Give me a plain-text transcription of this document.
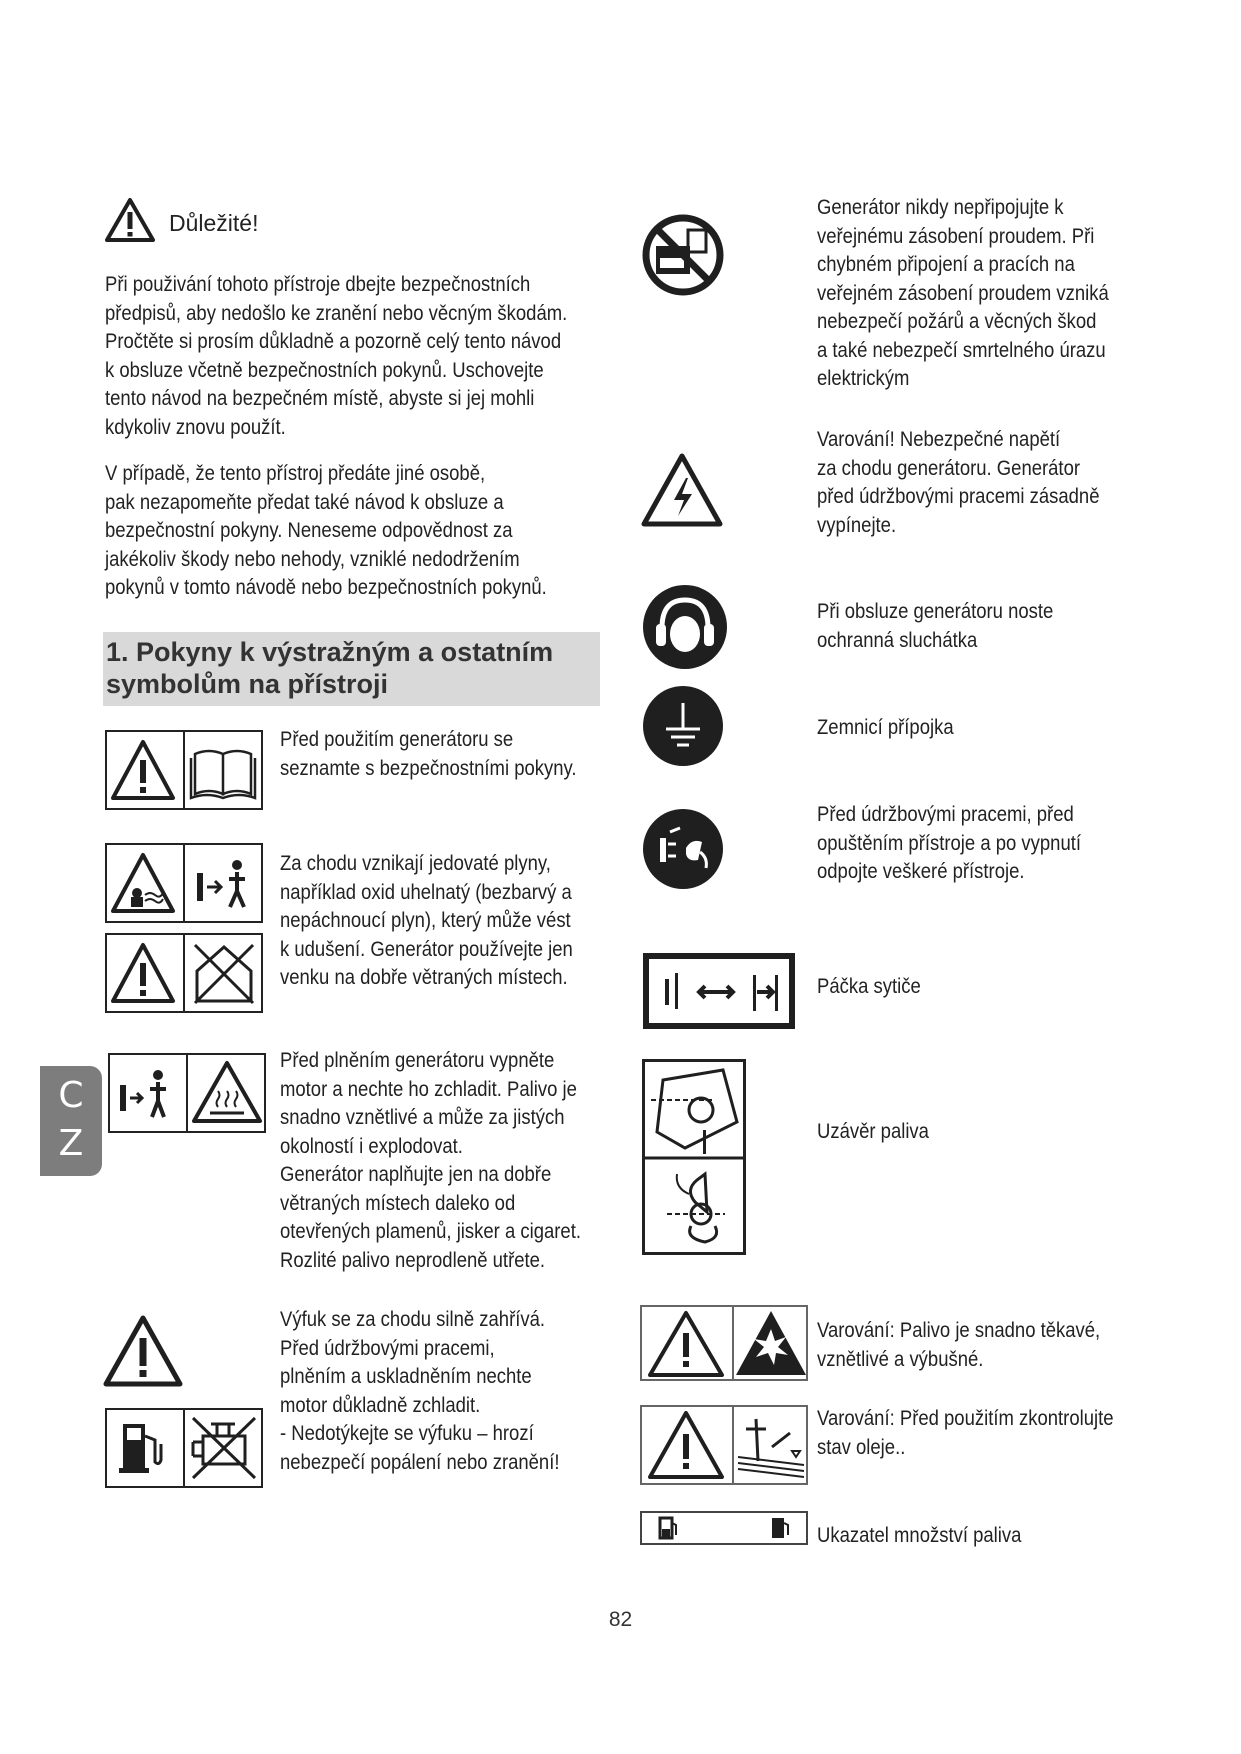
Důležité!
Při použivání tohoto přístroje dbejte bezpečnostních
předpisů, aby nedošlo ke zranění nebo věcným škodám.
Pročtěte si prosím důkladně a pozorně celý tento návod
k obsluze včetně bezpečnostních pokynů. Uschovejte
tento návod na bezpečném místě, abyste si jej mohli
kdykoliv znovu použít.
V případě, že tento přístroj předáte jiné osobě,
pak nezapomeňte předat také návod k obsluze a
bezpečnostní pokyny. Neneseme odpovědnost za
jakékoliv škody nebo nehody, vzniklé nedodržením
pokynů v tomto návodě nebo bezpečnostních pokynů.
1. Pokyny k výstražným a ostatním
symbolům na přístroji
Před použitím generátoru se
seznamte s bezpečnostními pokyny.
Za chodu vznikají jedovaté plyny,
například oxid uhelnatý (bezbarvý a
nepáchnoucí plyn), který může vést
k udušení. Generátor používejte jen
venku na dobře větraných místech.
Před plněním generátoru vypněte
motor a nechte ho zchladit. Palivo je
snadno vznětlivé a může za jistých
okolností i explodovat.
Generátor naplňujte jen na dobře
větraných místech daleko od
otevřených plamenů, jisker a cigaret.
Rozlité palivo neprodleně utřete.
Výfuk se za chodu silně zahřívá.
Před údržbovými pracemi,
plněním a uskladněním nechte
motor důkladně zchladit.
- Nedotýkejte se výfuku – hrozí
nebezpečí popálení nebo zranění!
Generátor nikdy nepřipojujte k
veřejnému zásobení proudem. Při
chybném připojení a pracích na
veřejném zásobení proudem vzniká
nebezpečí požárů a věcných škod
a také nebezpečí smrtelného úrazu
elektrickým
Varování! Nebezpečné napětí
za chodu generátoru. Generátor
před údržbovými pracemi zásadně
vypínejte.
Při obsluze generátoru noste
ochranná sluchátka
Zemnicí přípojka
Před údržbovými pracemi, před
opuštěním přístroje a po vypnutí
odpojte veškeré přístroje.
Páčka sytiče
Uzávěr paliva
Varování: Palivo je snadno těkavé,
vznětlivé a výbušné.
Varování: Před použitím zkontrolujte
stav oleje..
Ukazatel množství paliva
C
Z
82
